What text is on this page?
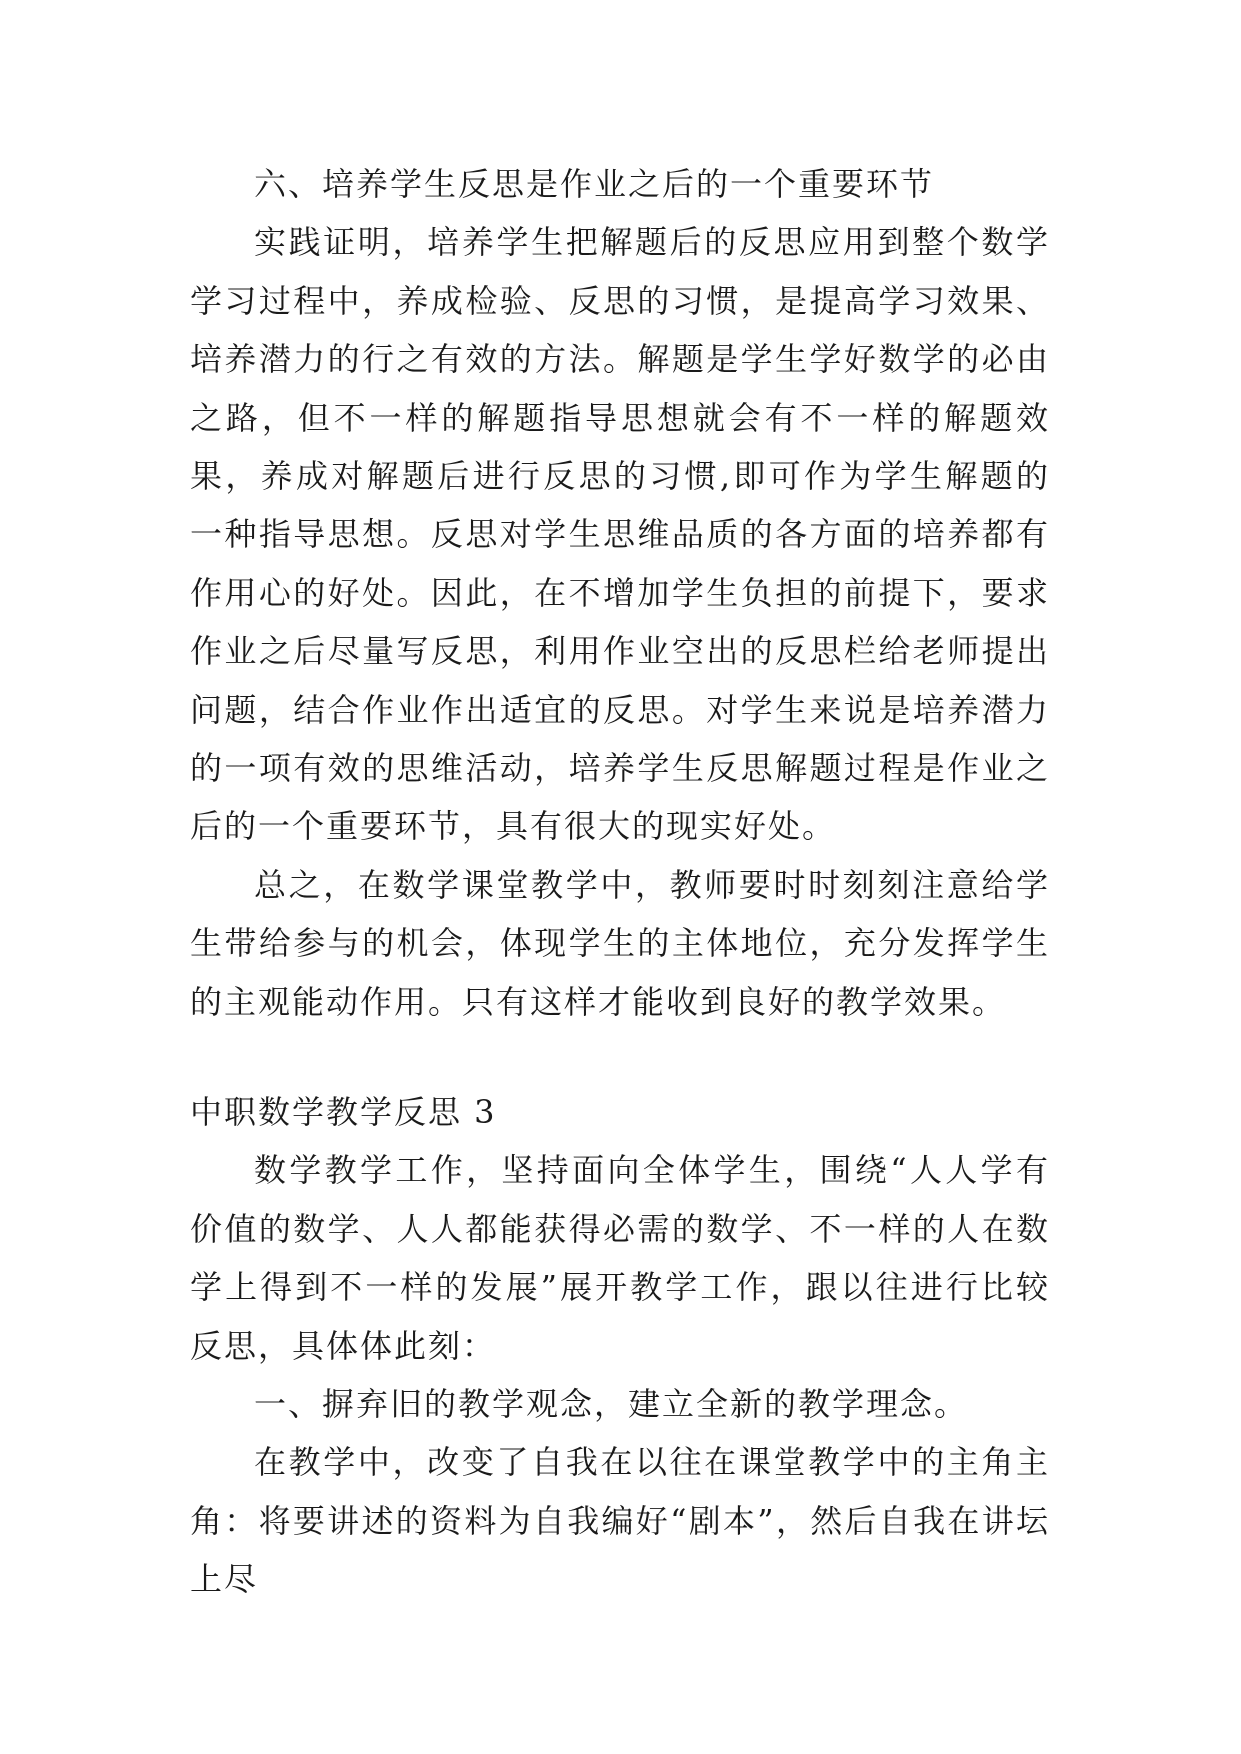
六、培养学生反思是作业之后的一个重要环节

实践证明，培养学生把解题后的反思应用到整个数学学习过程中，养成检验、反思的习惯，是提高学习效果、培养潜力的行之有效的方法。解题是学生学好数学的必由之路，但不一样的解题指导思想就会有不一样的解题效果，养成对解题后进行反思的习惯,即可作为学生解题的一种指导思想。反思对学生思维品质的各方面的培养都有作用心的好处。因此，在不增加学生负担的前提下，要求作业之后尽量写反思，利用作业空出的反思栏给老师提出问题，结合作业作出适宜的反思。对学生来说是培养潜力的一项有效的思维活动，培养学生反思解题过程是作业之后的一个重要环节，具有很大的现实好处。

总之，在数学课堂教学中，教师要时时刻刻注意给学生带给参与的机会，体现学生的主体地位，充分发挥学生的主观能动作用。只有这样才能收到良好的教学效果。

中职数学教学反思 3

数学教学工作，坚持面向全体学生，围绕“人人学有价值的数学、人人都能获得必需的数学、不一样的人在数学上得到不一样的发展”展开教学工作，跟以往进行比较反思，具体体此刻：

一、摒弃旧的教学观念，建立全新的教学理念。

在教学中，改变了自我在以往在课堂教学中的主角主角：将要讲述的资料为自我编好“剧本”，然后自我在讲坛上尽
